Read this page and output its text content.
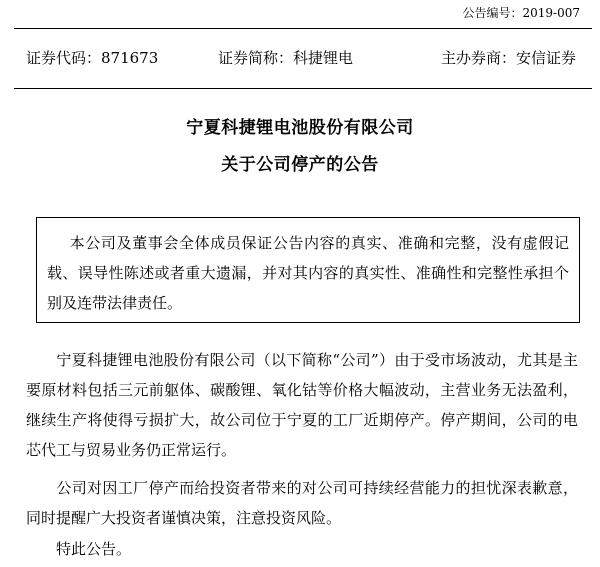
公告编号：2019-007
证券代码：871673	证券简称：科捷锂电	主办券商：安信证券
宁夏科捷锂电池股份有限公司
关于公司停产的公告
本公司及董事会全体成员保证公告内容的真实、准确和完整，没有虚假记载、误导性陈述或者重大遗漏，并对其内容的真实性、准确性和完整性承担个别及连带法律责任。
宁夏科捷锂电池股份有限公司（以下简称“公司”）由于受市场波动，尤其是主要原材料包括三元前躯体、碳酸锂、氧化钴等价格大幅波动，主营业务无法盈利，继续生产将使得亏损扩大，故公司位于宁夏的工厂近期停产。停产期间，公司的电芯代工与贸易业务仍正常运行。
公司对因工厂停产而给投资者带来的对公司可持续经营能力的担忧深表歉意，同时提醒广大投资者谨慎决策，注意投资风险。
特此公告。
